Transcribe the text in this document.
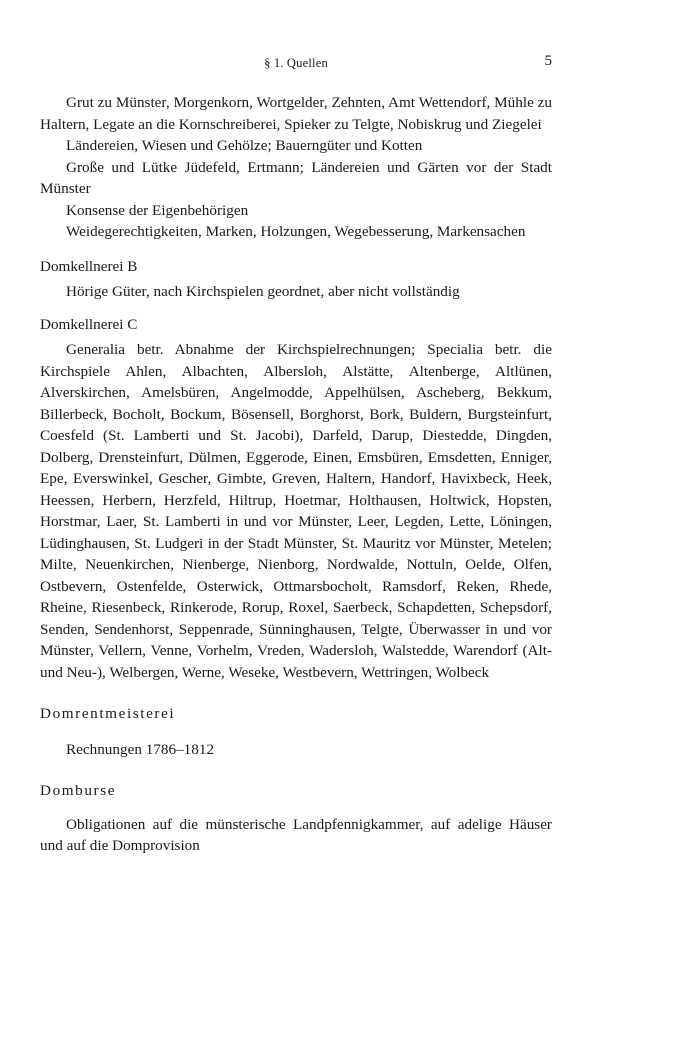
§ 1. Quellen	5

Grut zu Münster, Morgenkorn, Wortgelder, Zehnten, Amt Wettendorf, Mühle zu Haltern, Legate an die Kornschreiberei, Spieker zu Telgte, Nobiskrug und Ziegelei

Ländereien, Wiesen und Gehölze; Bauerngüter und Kotten

Große und Lütke Jüdefeld, Ertmann; Ländereien und Gärten vor der Stadt Münster

Konsense der Eigenbehörigen

Weidegerechtigkeiten, Marken, Holzungen, Wegebesserung, Markensachen

Domkellnerei B

Hörige Güter, nach Kirchspielen geordnet, aber nicht vollständig

Domkellnerei C

Generalia betr. Abnahme der Kirchspielrechnungen; Specialia betr. die Kirchspiele Ahlen, Albachten, Albersloh, Alstätte, Altenberge, Altlünen, Alverskirchen, Amelsbüren, Angelmodde, Appelhülsen, Ascheberg, Bekkum, Billerbeck, Bocholt, Bockum, Bösensell, Borghorst, Bork, Buldern, Burgsteinfurt, Coesfeld (St. Lamberti und St. Jacobi), Darfeld, Darup, Diestedde, Dingden, Dolberg, Drensteinfurt, Dülmen, Eggerode, Einen, Emsbüren, Emsdetten, Enniger, Epe, Everswinkel, Gescher, Gimbte, Greven, Haltern, Handorf, Havixbeck, Heek, Heessen, Herbern, Herzfeld, Hiltrup, Hoetmar, Holthausen, Holtwick, Hopsten, Horstmar, Laer, St. Lamberti in und vor Münster, Leer, Legden, Lette, Löningen, Lüdinghausen, St. Ludgeri in der Stadt Münster, St. Mauritz vor Münster, Metelen; Milte, Neuenkirchen, Nienberge, Nienborg, Nordwalde, Nottuln, Oelde, Olfen, Ostbevern, Ostenfelde, Osterwick, Ottmarsbocholt, Ramsdorf, Reken, Rhede, Rheine, Riesenbeck, Rinkerode, Rorup, Roxel, Saerbeck, Schapdetten, Schepsdorf, Senden, Sendenhorst, Seppenrade, Sünninghausen, Telgte, Überwasser in und vor Münster, Vellern, Venne, Vorhelm, Vreden, Wadersloh, Walstedde, Warendorf (Alt- und Neu-), Welbergen, Werne, Weseke, Westbevern, Wettringen, Wolbeck

Domrentmeisterei

Rechnungen 1786–1812

Domburse

Obligationen auf die münsterische Landpfennigkammer, auf adelige Häuser und auf die Domprovision
